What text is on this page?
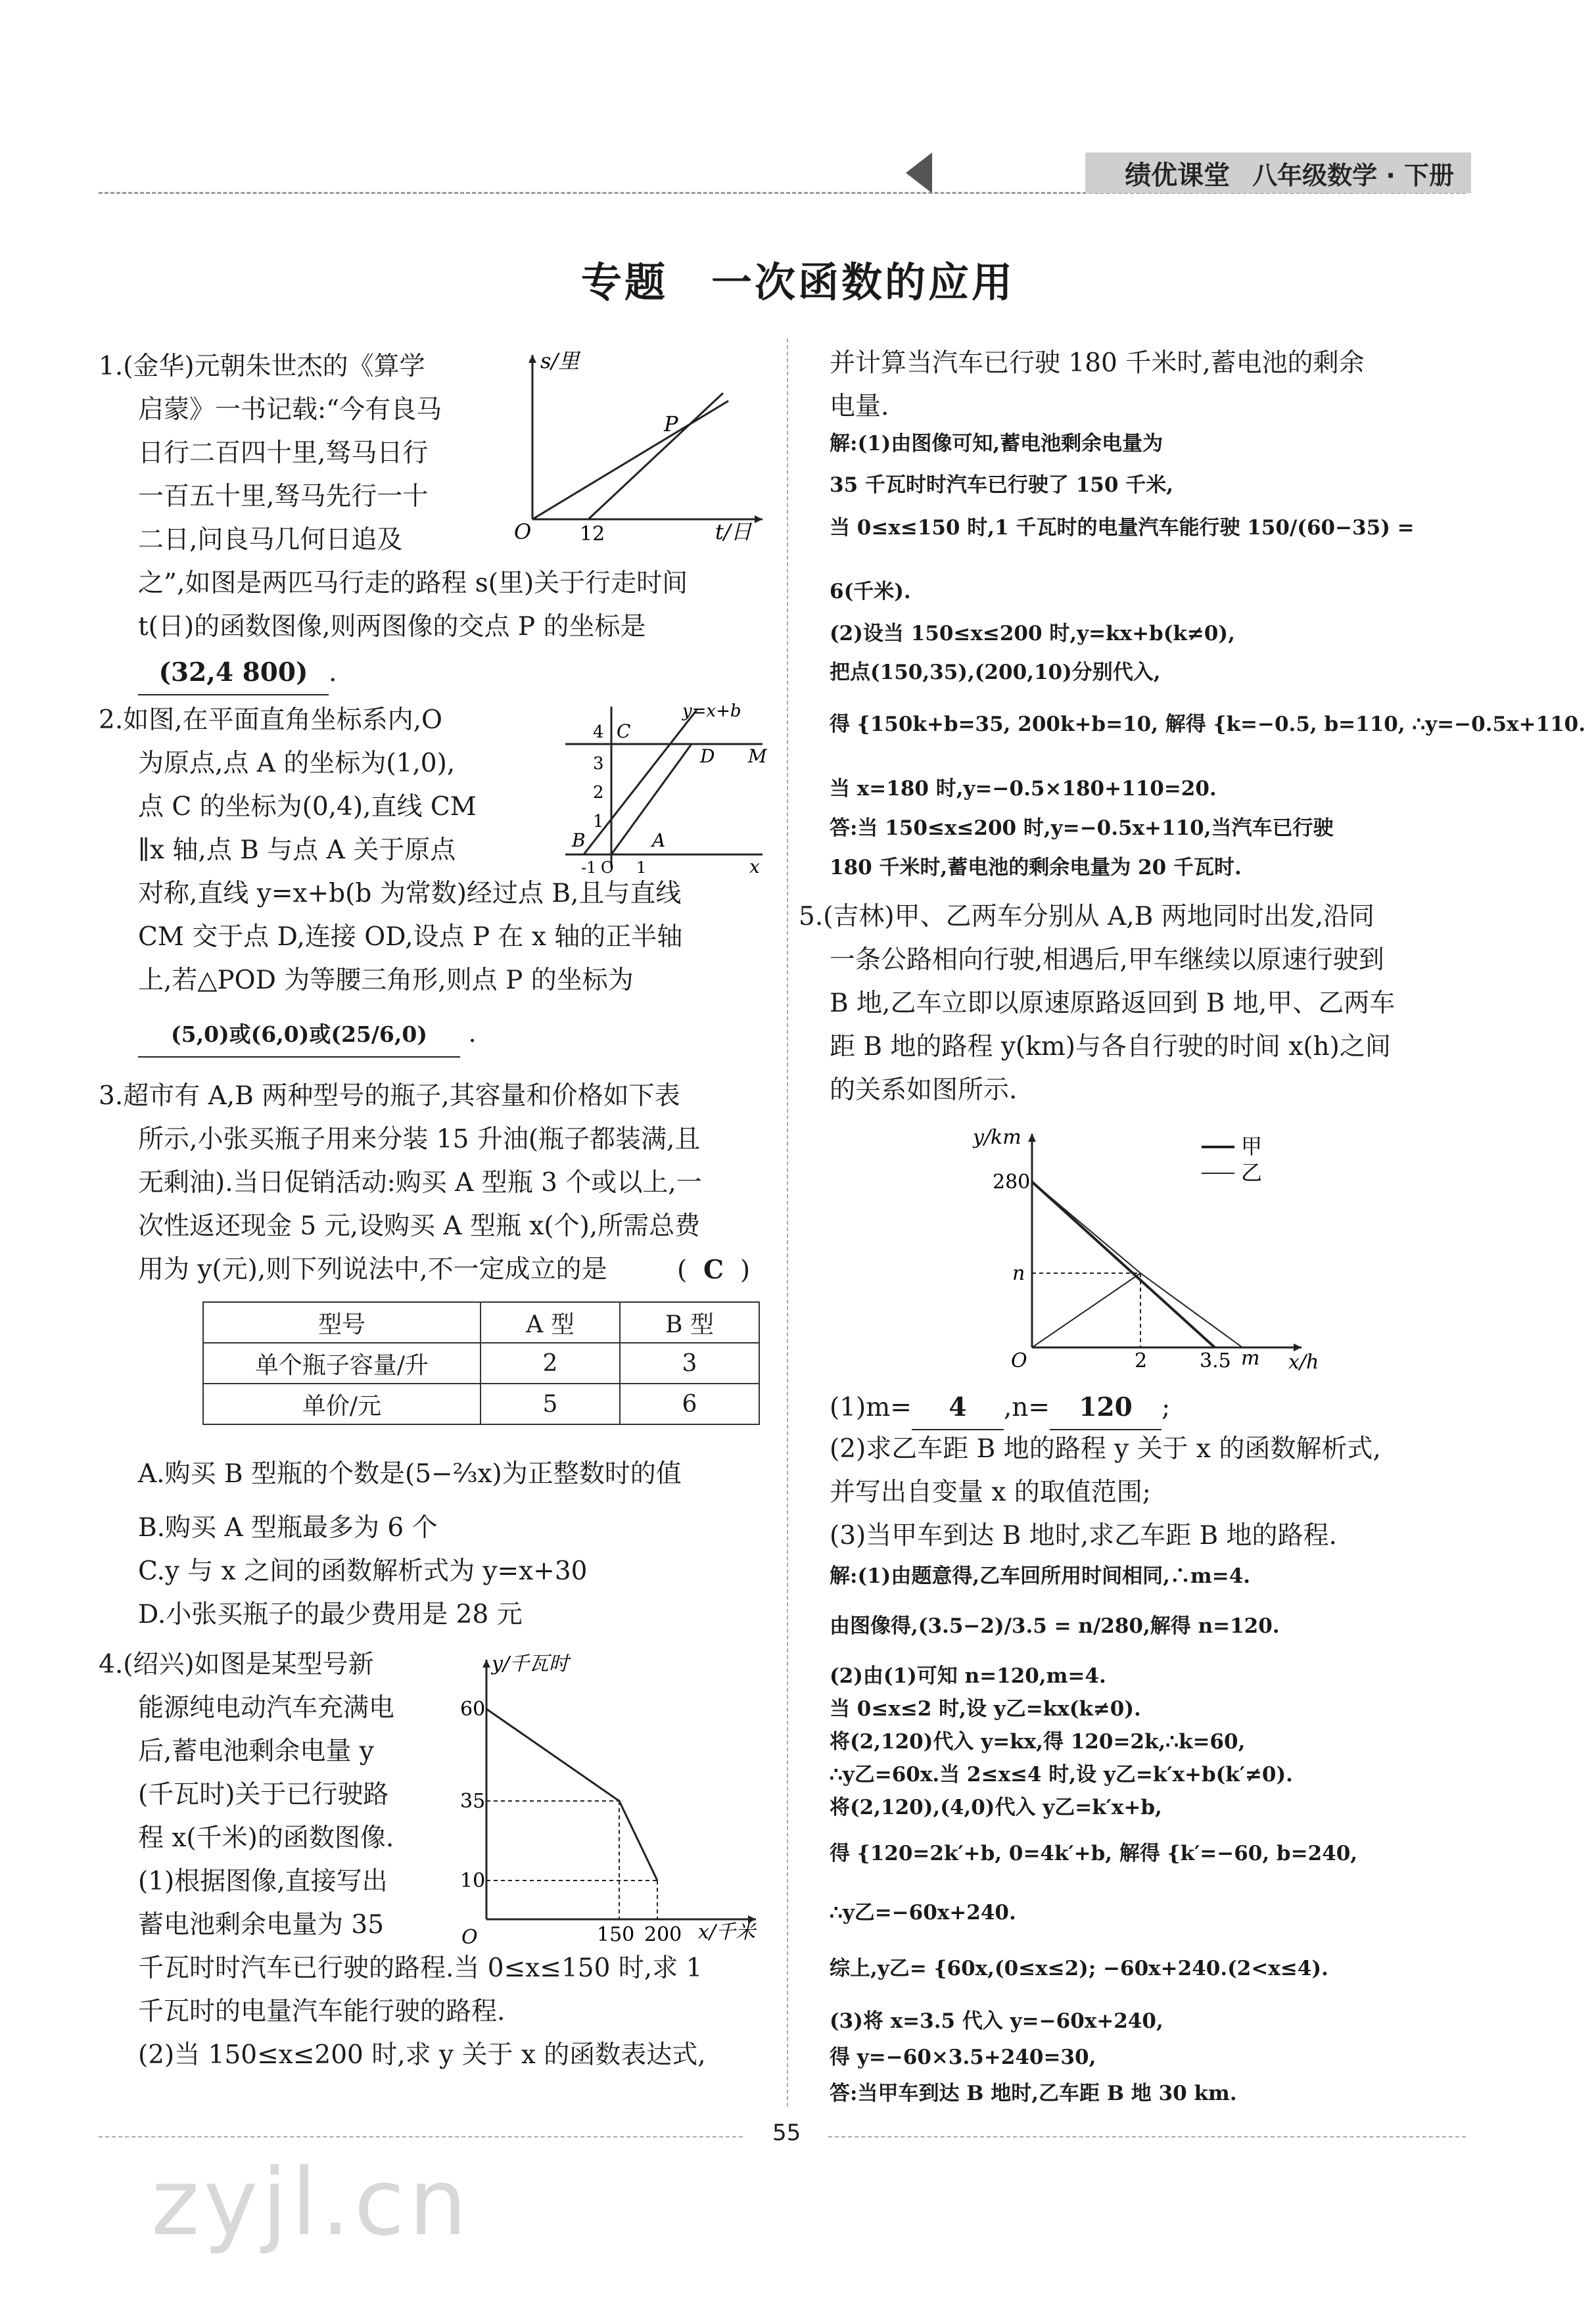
绩优课堂 八年级数学 · 下册
专题　一次函数的应用
1.(金华)元朝朱世杰的《算学
启蒙》一书记载:“今有良马
日行二百四十里,驽马日行
一百五十里,驽马先行一十
二日,问良马几何日追及
之”,如图是两匹马行走的路程 s(里)关于行走时间
t(日)的函数图像,则两图像的交点 P 的坐标是
(32,4 800) .
s/里
t/日
O 12
P
2.如图,在平面直角坐标系内,O
为原点,点 A 的坐标为(1,0),
点 C 的坐标为(0,4),直线 CM
∥x 轴,点 B 与点 A 关于原点
对称,直线 y=x+b(b 为常数)经过点 B,且与直线
CM 交于点 D,连接 OD,设点 P 在 x 轴的正半轴
上,若△POD 为等腰三角形,则点 P 的坐标为
(5,0)或(6,0)或(25/6,0) .
y=x+b
4
3
2
1
C
D M
B	A
x
-1 O 1
3.超市有 A,B 两种型号的瓶子,其容量和价格如下表
所示,小张买瓶子用来分装 15 升油(瓶子都装满,且
无剩油).当日促销活动:购买 A 型瓶 3 个或以上,一
次性返还现金 5 元,设购买 A 型瓶 x(个),所需总费
用为 y(元),则下列说法中,不一定成立的是	(  C  )
型号	A 型	B 型
单个瓶子容量/升	2	3
单价/元	5	6
A.购买 B 型瓶的个数是(5−⅔x)为正整数时的值
B.购买 A 型瓶最多为 6 个
C.y 与 x 之间的函数解析式为 y=x+30
D.小张买瓶子的最少费用是 28 元
4.(绍兴)如图是某型号新
能源纯电动汽车充满电
后,蓄电池剩余电量 y
(千瓦时)关于已行驶路
程 x(千米)的函数图像.
(1)根据图像,直接写出
蓄电池剩余电量为 35
千瓦时时汽车已行驶的路程.当 0≤x≤150 时,求 1
千瓦时的电量汽车能行驶的路程.
(2)当 150≤x≤200 时,求 y 关于 x 的函数表达式,
y/千瓦时
x/千米
60
35
10
O	150 200
并计算当汽车已行驶 180 千米时,蓄电池的剩余
电量.
解:(1)由图像可知,蓄电池剩余电量为
35 千瓦时时汽车已行驶了 150 千米,
当 0≤x≤150 时,1 千瓦时的电量汽车能行驶 150/(60−35) =
6(千米).
(2)设当 150≤x≤200 时,y=kx+b(k≠0),
把点(150,35),(200,10)分别代入,
得 {150k+b=35, 200k+b=10, 解得 {k=−0.5, b=110, ∴y=−0.5x+110.
当 x=180 时,y=−0.5×180+110=20.
答:当 150≤x≤200 时,y=−0.5x+110,当汽车已行驶
180 千米时,蓄电池的剩余电量为 20 千瓦时.
5.(吉林)甲、乙两车分别从 A,B 两地同时出发,沿同
一条公路相向行驶,相遇后,甲车继续以原速行驶到
B 地,乙车立即以原速原路返回到 B 地,甲、乙两车
距 B 地的路程 y(km)与各自行驶的时间 x(h)之间
的关系如图所示.
甲
乙
y/km
x/h
280
n
O	2	3.5 m
(1)m= 4 ,n= 120 ;
(2)求乙车距 B 地的路程 y 关于 x 的函数解析式,
并写出自变量 x 的取值范围;
(3)当甲车到达 B 地时,求乙车距 B 地的路程.
解:(1)由题意得,乙车回所用时间相同,∴m=4.
由图像得,(3.5−2)/3.5 = n/280,解得 n=120.
(2)由(1)可知 n=120,m=4.
当 0≤x≤2 时,设 y乙=kx(k≠0).
将(2,120)代入 y=kx,得 120=2k,∴k=60,
∴y乙=60x.当 2≤x≤4 时,设 y乙=k′x+b(k′≠0).
将(2,120),(4,0)代入 y乙=k′x+b,
得 {120=2k′+b, 0=4k′+b, 解得 {k′=−60, b=240,
∴y乙=−60x+240.
综上,y乙= {60x,(0≤x≤2); −60x+240.(2<x≤4).
(3)将 x=3.5 代入 y=−60x+240,
得 y=−60×3.5+240=30,
答:当甲车到达 B 地时,乙车距 B 地 30 km.
55
zyjl.cn
